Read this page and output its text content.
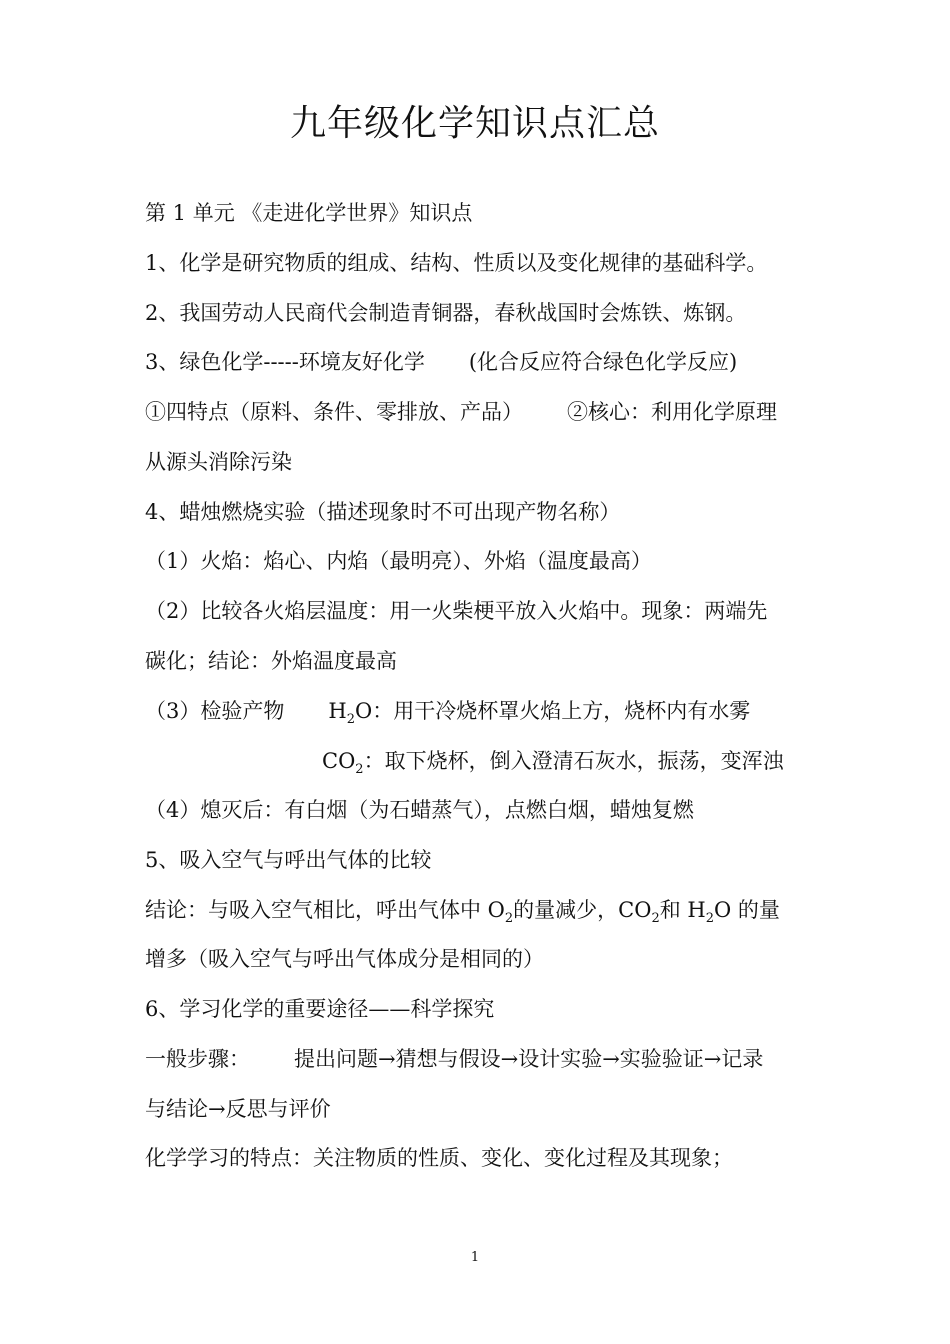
九年级化学知识点汇总
第 1 单元 《走进化学世界》知识点
1、化学是研究物质的组成、结构、性质以及变化规律的基础科学。
2、我国劳动人民商代会制造青铜器，春秋战国时会炼铁、炼钢。
3、绿色化学-----环境友好化学 (化合反应符合绿色化学反应)
①四特点（原料、条件、零排放、产品） ②核心：利用化学原理
从源头消除污染
4、蜡烛燃烧实验（描述现象时不可出现产物名称）
（1）火焰：焰心、内焰（最明亮）、外焰（温度最高）
（2）比较各火焰层温度：用一火柴梗平放入火焰中。现象：两端先
碳化；结论：外焰温度最高
（3）检验产物 $H_2O$：用干冷烧杯罩火焰上方，烧杯内有水雾
$CO_2$：取下烧杯，倒入澄清石灰水，振荡，变浑浊
（4）熄灭后：有白烟（为石蜡蒸气），点燃白烟，蜡烛复燃
5、吸入空气与呼出气体的比较
结论：与吸入空气相比，呼出气体中 $O_2$的量减少，$CO_2$和 $H_2O$ 的量
增多（吸入空气与呼出气体成分是相同的）
6、学习化学的重要途径——科学探究
一般步骤： 提出问题→猜想与假设→设计实验→实验验证→记录
与结论→反思与评价
化学学习的特点：关注物质的性质、变化、变化过程及其现象；
1
